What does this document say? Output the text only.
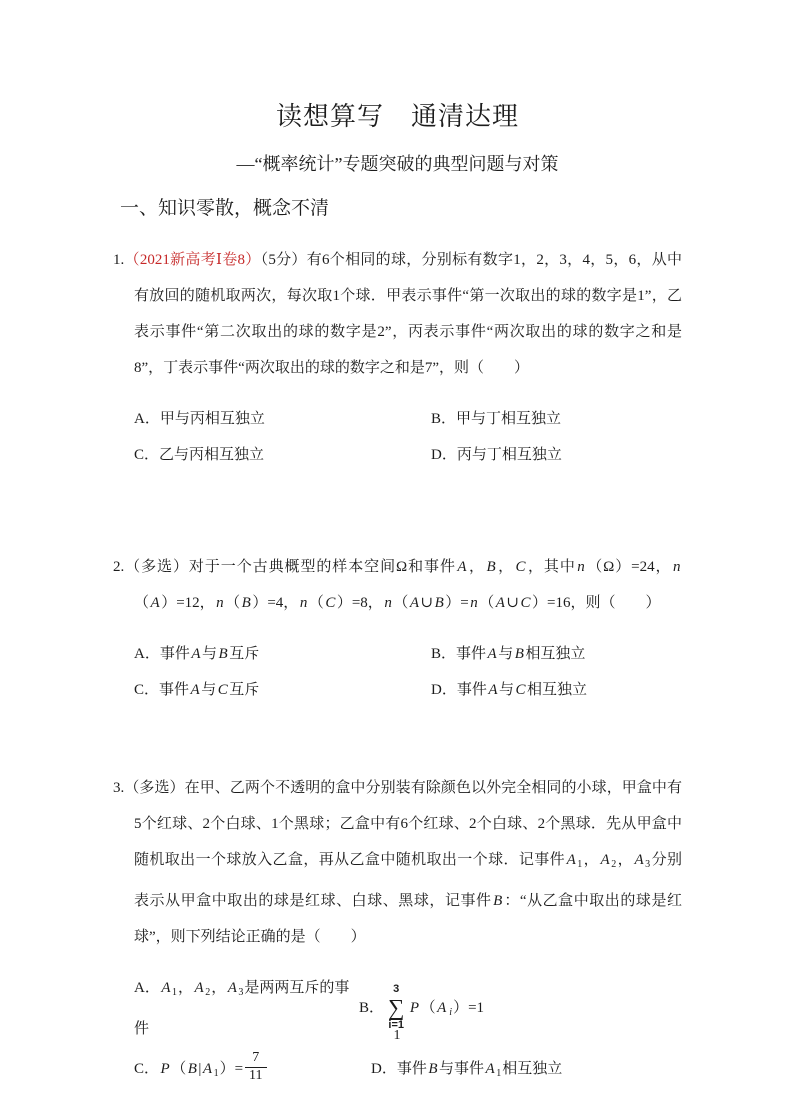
读想算写　通清达理
—“概率统计”专题突破的典型问题与对策
一、知识零散，概念不清

1.（2021新高考Ⅰ卷8）（5分）有6个相同的球，分别标有数字1，2，3，4，5，6，从中有放回的随机取两次，每次取1个球．甲表示事件“第一次取出的球的数字是1”，乙表示事件“第二次取出的球的数字是2”，丙表示事件“两次取出的球的数字之和是8”，丁表示事件“两次取出的球的数字之和是7”，则（　　）

A．甲与丙相互独立	B．甲与丁相互独立
C．乙与丙相互独立	D．丙与丁相互独立

2.（多选）对于一个古典概型的样本空间Ω和事件 A ， B ， C ，其中 n （Ω）=24， n（ A ）=12， n （ B ）=4， n （ C ）=8， n （ A ∪ B ）= n （ A ∪ C ）=16，则（　　）

A．事件 A 与 B 互斥	B．事件 A 与 B 相互独立
C．事件 A 与 C 互斥	D．事件 A 与 C 相互独立

3.（多选）在甲、乙两个不透明的盒中分别装有除颜色以外完全相同的小球，甲盒中有5个红球、2个白球、1个黑球；乙盒中有6个红球、2个白球、2个黑球．先从甲盒中随机取出一个球放入乙盒，再从乙盒中随机取出一个球．记事件 A $_1$， A $_2$， A $_3$分别表示从甲盒中取出的球是红球、白球、黑球，记事件 B ：“从乙盒中取出的球是红球”，则下列结论正确的是（　　）

A． A $_1$， A $_2$， A $_3$是两两互斥的事件
B．
3
∑
i=1
P （ A $_i$）=1
C． P （ B | A $_1)= \frac{7}{11}$	D．事件 B 与事件 A $_1$相互独立
1
